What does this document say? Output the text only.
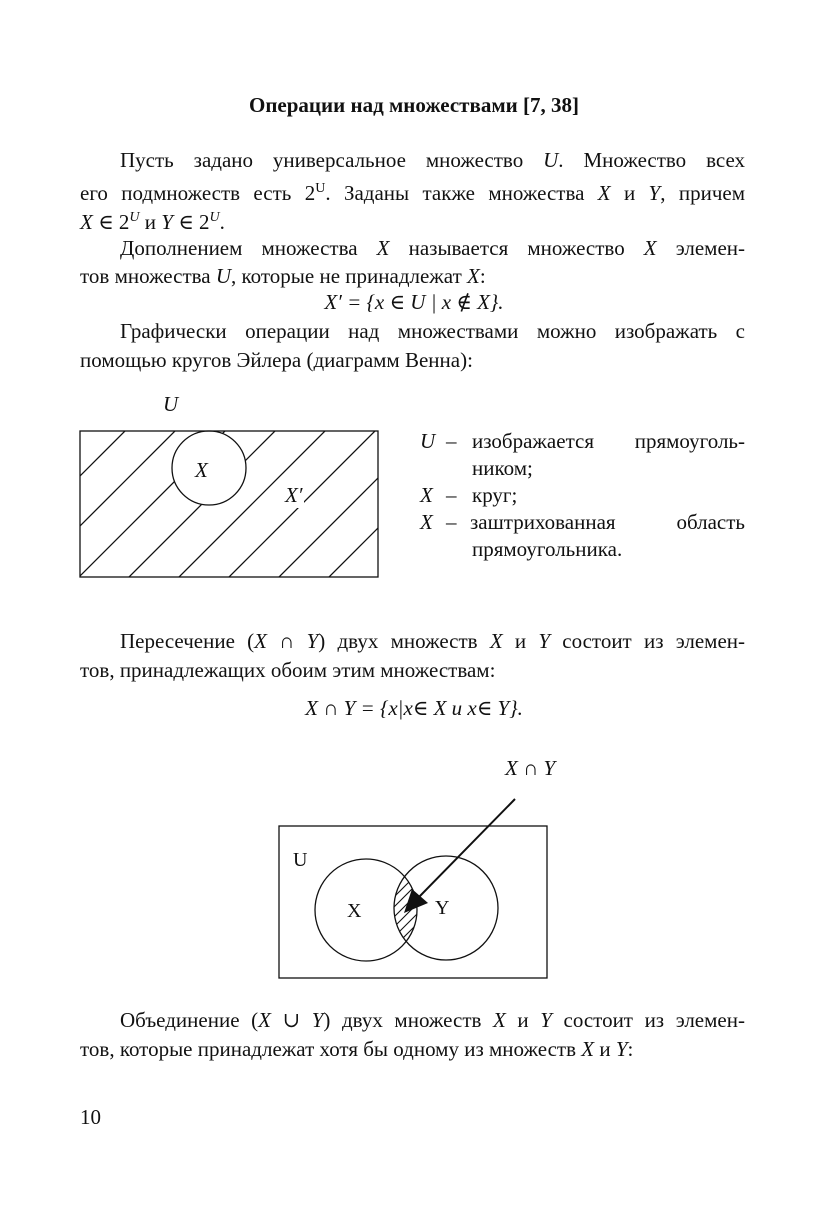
Операции над множествами [7, 38]
Пусть задано универсальное множество U. Множество всех
его подмножеств есть $2^U$. Заданы также множества X и Y, причем
X ∈ $2^U$ и Y ∈ $2^U$.
Дополнением множества X называется множество X элемен-
тов множества U, которые не принадлежат X:
X′ = {x ∈ U | x ∉ X}.
Графически операции над множествами можно изображать с
помощью кругов Эйлера (диаграмм Венна):
U
X
X′
U – изображается прямоуголь-
ником;
X – круг;
X – заштрихованная область
прямоугольника.
Пересечение (X ∩ Y) двух множеств X и Y состоит из элемен-
тов, принадлежащих обоим этим множествам:
X ∩ Y = {x|x∈ X и x∈ Y}.
X ∩ Y
U
X	Y
Объединение (X ∪ Y) двух множеств X и Y состоит из элемен-
тов, которые принадлежат хотя бы одному из множеств X и Y:
10
